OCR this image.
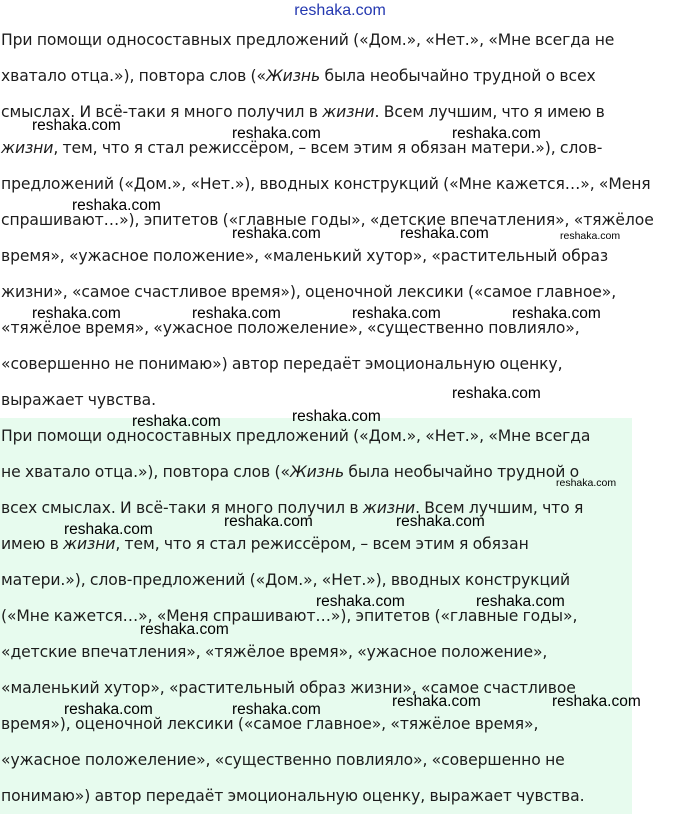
reshaka.com
При помощи односоставных предложений («Дом.», «Нет.», «Мне всегда не
хватало отца.»), повтора слов («Жизнь была необычайно трудной о всех
смыслах. И всё-таки я много получил в жизни. Всем лучшим, что я имею в
жизни, тем, что я стал режиссёром, – всем этим я обязан матери.»), слов-
предложений («Дом.», «Нет.»), вводных конструкций («Мне кажется…», «Меня
спрашивают…»), эпитетов («главные годы», «детские впечатления», «тяжёлое
время», «ужасное положение», «маленький хутор», «растительный образ
жизни», «самое счастливое время»), оценочной лексики («самое главное»,
«тяжёлое время», «ужасное положеление», «существенно повлияло»,
«совершенно не понимаю») автор передаёт эмоциональную оценку,
выражает чувства.
При помощи односоставных предложений («Дом.», «Нет.», «Мне всегда
не хватало отца.»), повтора слов («Жизнь была необычайно трудной о
всех смыслах. И всё-таки я много получил в жизни. Всем лучшим, что я
имею в жизни, тем, что я стал режиссёром, – всем этим я обязан
матери.»), слов-предложений («Дом.», «Нет.»), вводных конструкций
(«Мне кажется…», «Меня спрашивают…»), эпитетов («главные годы»,
«детские впечатления», «тяжёлое время», «ужасное положение»,
«маленький хутор», «растительный образ жизни», «самое счастливое
время»), оценочной лексики («самое главное», «тяжёлое время»,
«ужасное положеление», «существенно повлияло», «совершенно не
понимаю») автор передаёт эмоциональную оценку, выражает чувства.
reshaka.com	reshaka.com	reshaka.com
reshaka.com
reshaka.com	reshaka.com	reshaka.com
reshaka.com	reshaka.com	reshaka.com	reshaka.com
reshaka.com
reshaka.com	reshaka.com
reshaka.com
reshaka.com	reshaka.com
reshaka.com
reshaka.com	reshaka.com
reshaka.com
reshaka.com	reshaka.com
reshaka.com	reshaka.com
